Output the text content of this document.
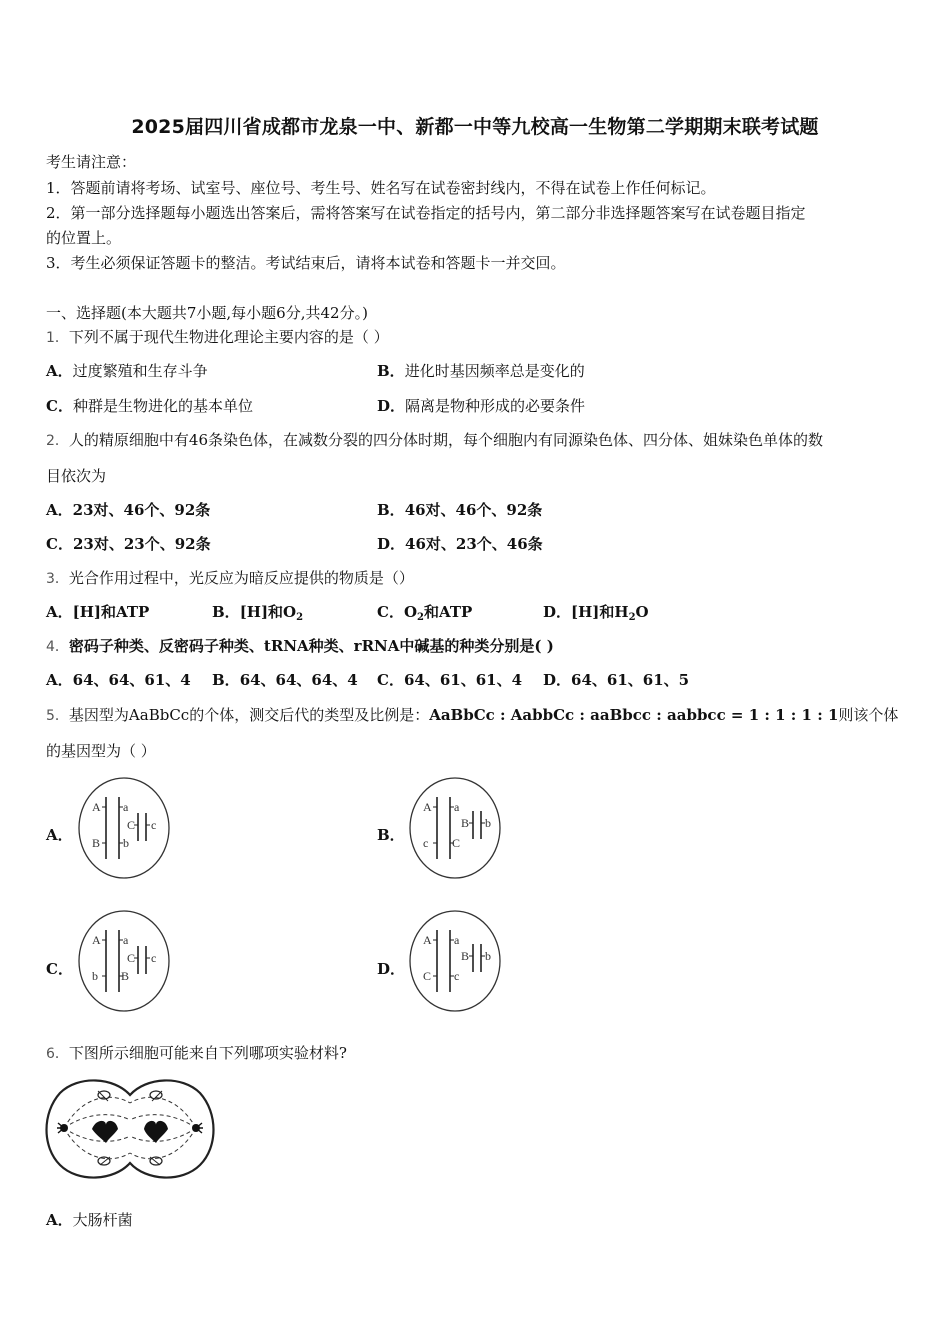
2025届四川省成都市龙泉一中、新都一中等九校高一生物第二学期期末联考试题
考生请注意：
1．答题前请将考场、试室号、座位号、考生号、姓名写在试卷密封线内，不得在试卷上作任何标记。
2．第一部分选择题每小题选出答案后，需将答案写在试卷指定的括号内，第二部分非选择题答案写在试卷题目指定
的位置上。
3．考生必须保证答题卡的整洁。考试结束后，请将本试卷和答题卡一并交回。
一、选择题(本大题共7小题,每小题6分,共42分。)
1．下列不属于现代生物进化理论主要内容的是（ ）
A．过度繁殖和生存斗争	B．进化时基因频率总是变化的
C．种群是生物进化的基本单位	D．隔离是物种形成的必要条件
2．人的精原细胞中有46条染色体，在减数分裂的四分体时期，每个细胞内有同源染色体、四分体、姐妹染色单体的数
目依次为
A．23对、46个、92条	B．46对、46个、92条
C．23对、23个、92条	D．46对、23个、46条
3．光合作用过程中，光反应为暗反应提供的物质是（）
A．[H]和ATP	B．[H]和$O_2$	C．$O_2$和ATP	D．[H]和$H_2O$
4．密码子种类、反密码子种类、tRNA种类、rRNA中碱基的种类分别是( )
A．64、64、61、4 B．64、64、64、4 C．64、61、61、4 D．64、61、61、5
5．基因型为AaBbCc的个体，测交后代的类型及比例是：AaBbCc : AabbCc : aaBbcc : aabbcc = 1 : 1 : 1 : 1则该个体
的基因型为（ ）
A．
A a
B b
C c
B．
A a
c C
B b
C．
A a
b B
C c
D．
A a
C c
B b
6．下图所示细胞可能来自下列哪项实验材料?
A．大肠杆菌
